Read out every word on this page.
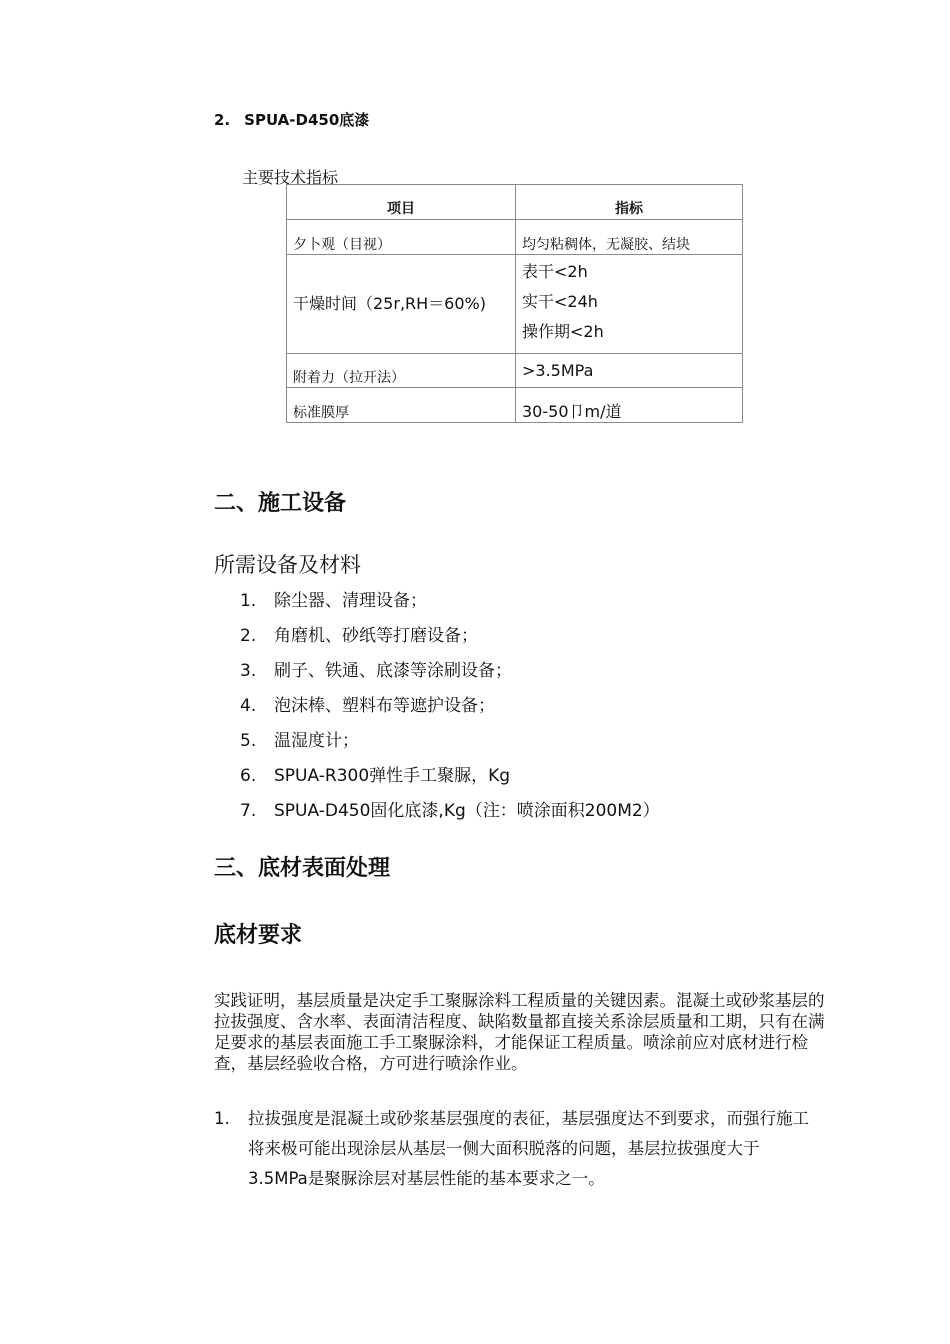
2. SPUA-D450底漆
主要技术指标
项目	指标
夕卜观（目视）	均匀粘稠体，无凝胶、结块
干燥时间（25r,RH＝60%)	表干<2h
实干<24h
操作期<2h

附着力（拉开法）	>3.5MPa
标准膜厚	30-50卩m/道
二、施工设备
所需设备及材料
1. 除尘器、清理设备；
2. 角磨机、砂纸等打磨设备；
3. 刷子、铁通、底漆等涂刷设备；
4. 泡沫棒、塑料布等遮护设备；
5. 温湿度计；
6. SPUA-R300弹性手工聚脲，Kg
7. SPUA-D450固化底漆,Kg（注：喷涂面积200M2）
三、底材表面处理
底材要求
实践证明，基层质量是决定手工聚脲涂料工程质量的关键因素。混凝土或砂浆基层的拉拔强度、含水率、表面清洁程度、缺陷数量都直接关系涂层质量和工期，只有在满足要求的基层表面施工手工聚脲涂料，才能保证工程质量。喷涂前应对底材进行检查，基层经验收合格，方可进行喷涂作业。
1. 拉拔强度是混凝土或砂浆基层强度的表征，基层强度达不到要求，而强行施工将来极可能出现涂层从基层一侧大面积脱落的问题，基层拉拔强度大于3.5MPa是聚脲涂层对基层性能的基本要求之一。
